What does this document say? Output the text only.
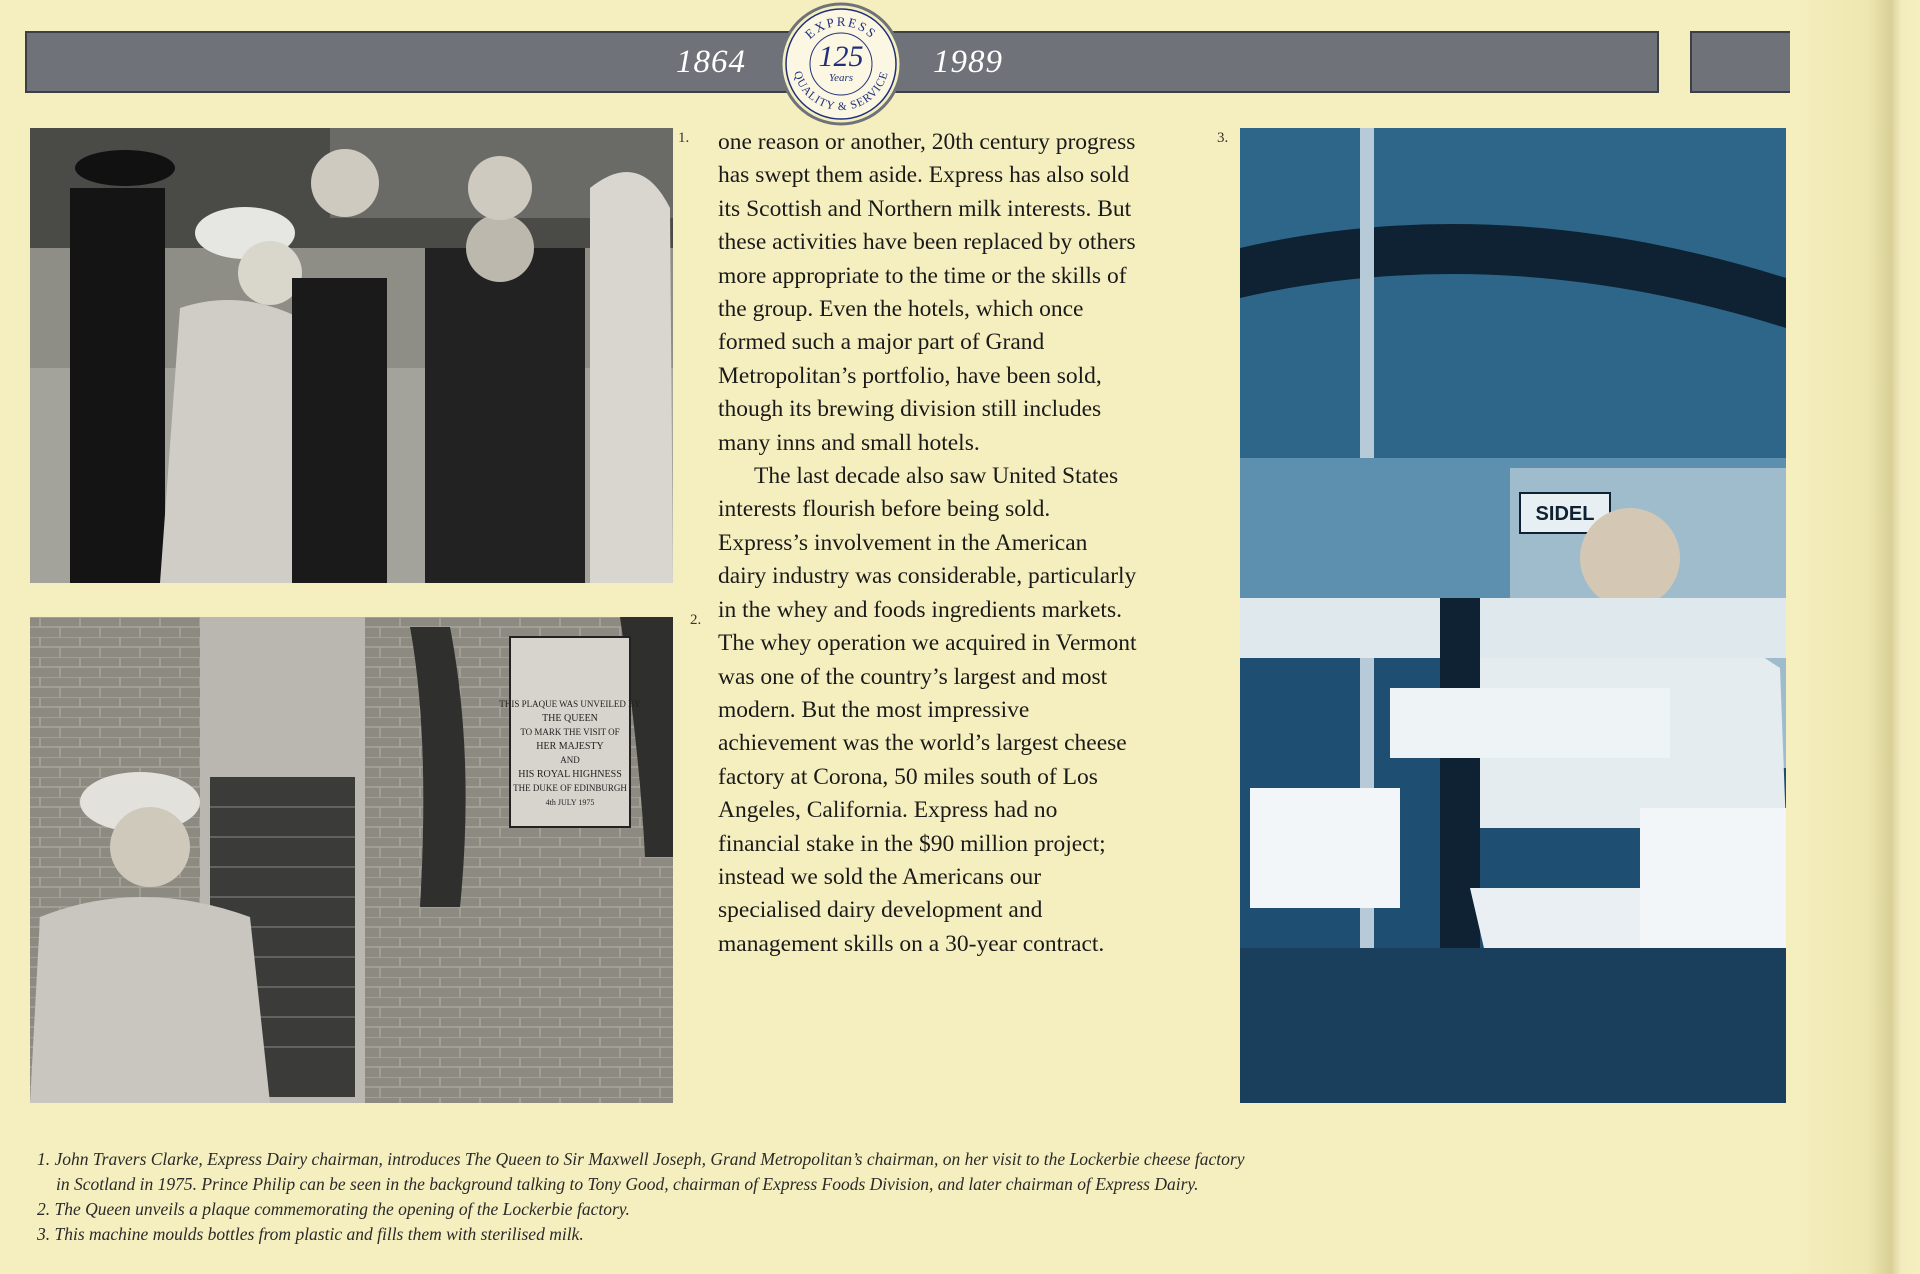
1864	1989
EXPRESS
QUALITY & SERVICE
125
Years
1.
THIS PLAQUE WAS UNVEILED BY
THE QUEEN
TO MARK THE VISIT OF
HER MAJESTY
AND
HIS ROYAL HIGHNESS
THE DUKE OF EDINBURGH
4th JULY 1975
2.

one reason or another, 20th century progress has swept them aside. Express has also sold its Scottish and Northern milk interests. But these activities have been replaced by others more appropriate to the time or the skills of the group. Even the hotels, which once formed such a major part of Grand Metropolitan’s portfolio, have been sold, though its brewing division still includes many inns and small hotels.

The last decade also saw United States interests flourish before being sold. Express’s involvement in the American dairy industry was considerable, particularly in the whey and foods ingredients markets. The whey operation we acquired in Vermont was one of the country’s largest and most modern. But the most impressive achievement was the world’s largest cheese factory at Corona, 50 miles south of Los Angeles, California. Express had no financial stake in the $90 million project; instead we sold the Americans our specialised dairy development and management skills on a 30-year contract.

3.
SIDEL
1. John Travers Clarke, Express Dairy chairman, introduces The Queen to Sir Maxwell Joseph, Grand Metropolitan’s chairman, on her visit to the Lockerbie cheese factory
in Scotland in 1975. Prince Philip can be seen in the background talking to Tony Good, chairman of Express Foods Division, and later chairman of Express Dairy.
2. The Queen unveils a plaque commemorating the opening of the Lockerbie factory.
3. This machine moulds bottles from plastic and fills them with sterilised milk.
